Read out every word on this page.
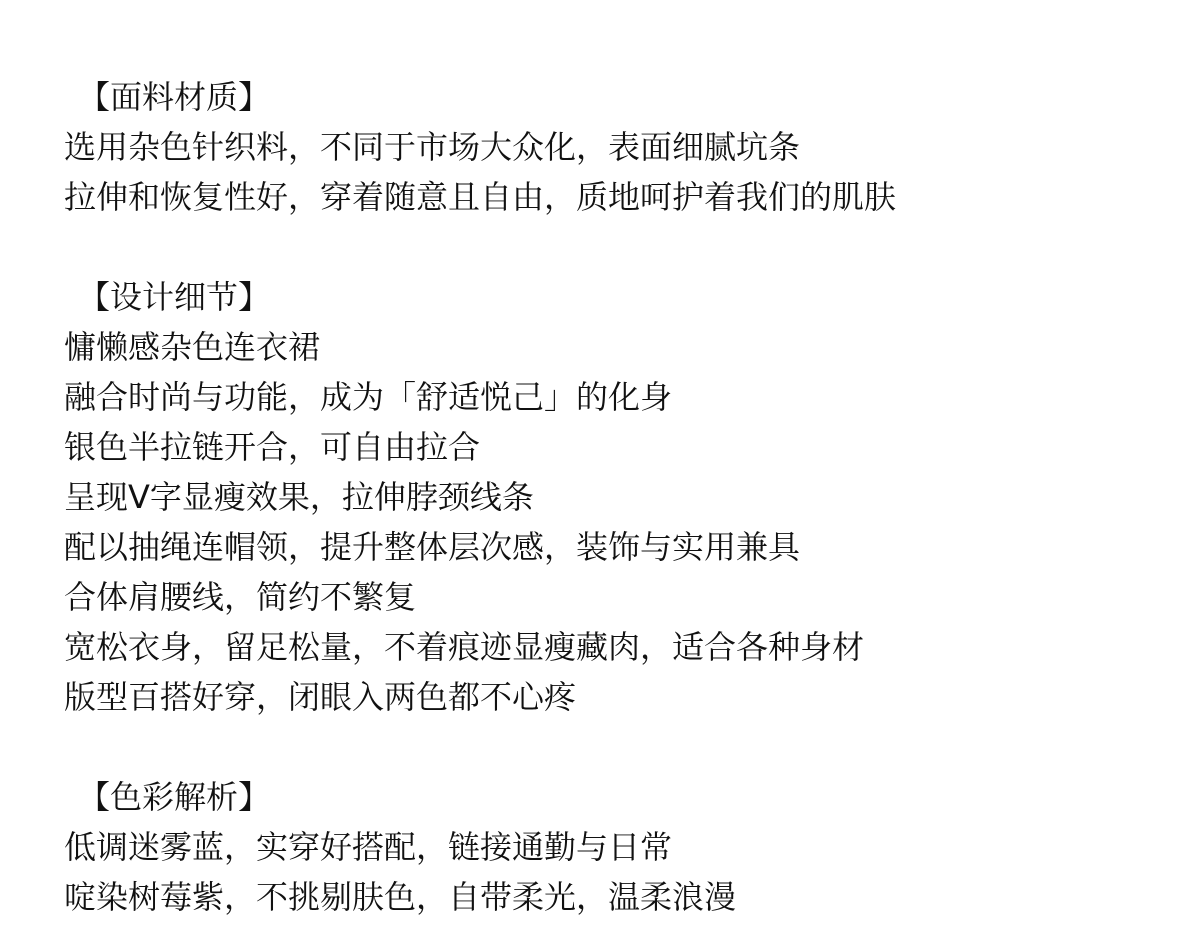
【面料材质】
选用杂色针织料，不同于市场大众化，表面细腻坑条
拉伸和恢复性好，穿着随意且自由，质地呵护着我们的肌肤
【设计细节】
慵懒感杂色连衣裙
融合时尚与功能，成为「舒适悦己」的化身
银色半拉链开合，可自由拉合
呈现V字显瘦效果，拉伸脖颈线条
配以抽绳连帽领，提升整体层次感，装饰与实用兼具
合体肩腰线，简约不繁复
宽松衣身，留足松量，不着痕迹显瘦藏肉，适合各种身材
版型百搭好穿，闭眼入两色都不心疼
【色彩解析】
低调迷雾蓝，实穿好搭配，链接通勤与日常
啶染树莓紫，不挑剔肤色，自带柔光，温柔浪漫
